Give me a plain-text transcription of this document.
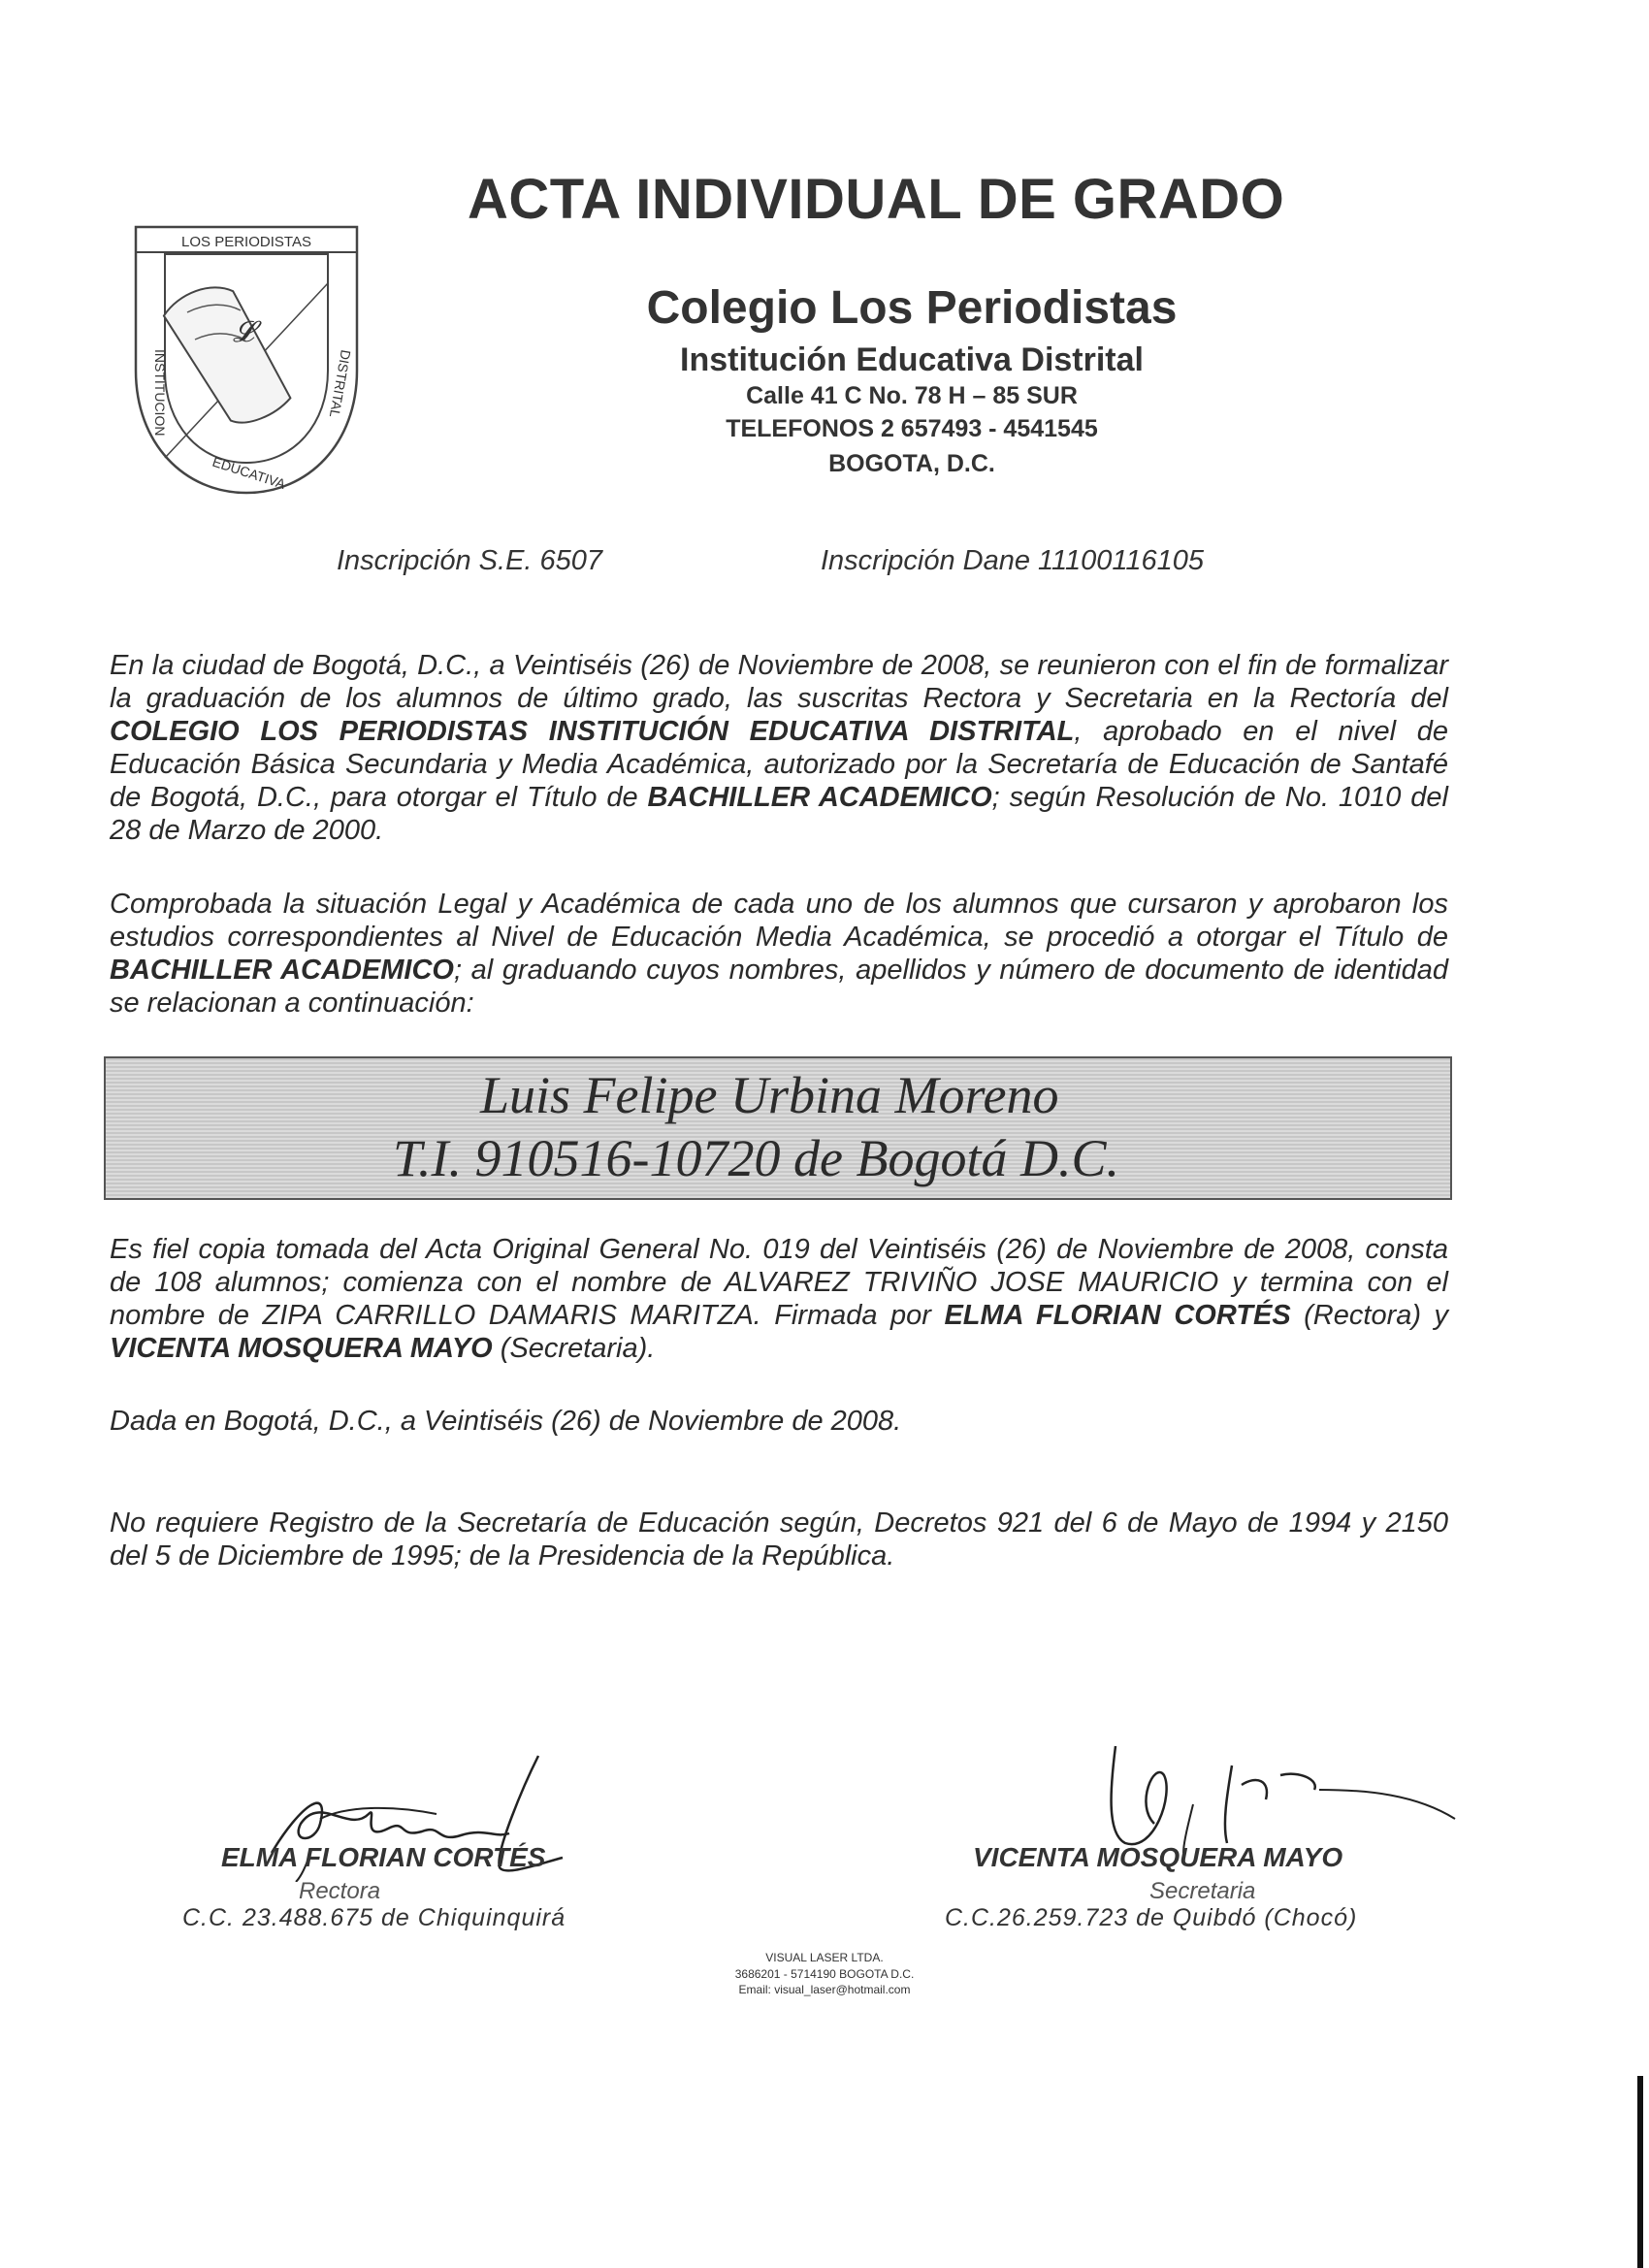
LOS PERIODISTAS
𝓛
INSTITUCION
EDUCATIVA
DISTRITAL
ACTA INDIVIDUAL DE GRADO
Colegio Los Periodistas
Institución Educativa Distrital
Calle 41 C No. 78 H – 85 SUR
TELEFONOS 2 657493 - 4541545
BOGOTA, D.C.
Inscripción S.E. 6507	Inscripción Dane 11100116105
En la ciudad de Bogotá, D.C., a Veintiséis (26) de Noviembre de 2008, se reunieron con el fin de formalizar la graduación de los alumnos de último grado, las suscritas Rectora y Secretaria en la Rectoría del COLEGIO LOS PERIODISTAS INSTITUCIÓN EDUCATIVA DISTRITAL, aprobado en el nivel de Educación Básica Secundaria y Media Académica, autorizado por la Secretaría de Educación de Santafé de Bogotá, D.C., para otorgar el Título de BACHILLER ACADEMICO; según Resolución de No. 1010 del 28 de Marzo de 2000.
Comprobada la situación Legal y Académica de cada uno de los alumnos que cursaron y aprobaron los estudios correspondientes al Nivel de Educación Media Académica, se procedió a otorgar el Título de BACHILLER ACADEMICO; al graduando cuyos nombres, apellidos y número de documento de identidad se relacionan a continuación:
Luis Felipe Urbina Moreno
T.I. 910516-10720 de Bogotá D.C.
Es fiel copia tomada del Acta Original General No. 019 del Veintiséis (26) de Noviembre de 2008, consta de 108 alumnos; comienza con el nombre de ALVAREZ TRIVIÑO JOSE MAURICIO y termina con el nombre de ZIPA CARRILLO DAMARIS MARITZA. Firmada por ELMA FLORIAN CORTÉS (Rectora) y VICENTA MOSQUERA MAYO (Secretaria).
Dada en Bogotá, D.C., a Veintiséis (26) de Noviembre de 2008.
No requiere Registro de la Secretaría de Educación según, Decretos 921 del 6 de Mayo de 1994 y 2150 del 5 de Diciembre de 1995; de la Presidencia de la República.
ELMA FLORIAN CORTÉS
Rectora
C.C. 23.488.675 de Chiquinquirá
VICENTA MOSQUERA MAYO
Secretaria
C.C.26.259.723 de Quibdó (Chocó)
VISUAL LASER LTDA.
3686201 - 5714190 BOGOTA D.C.
Email: visual_laser@hotmail.com
